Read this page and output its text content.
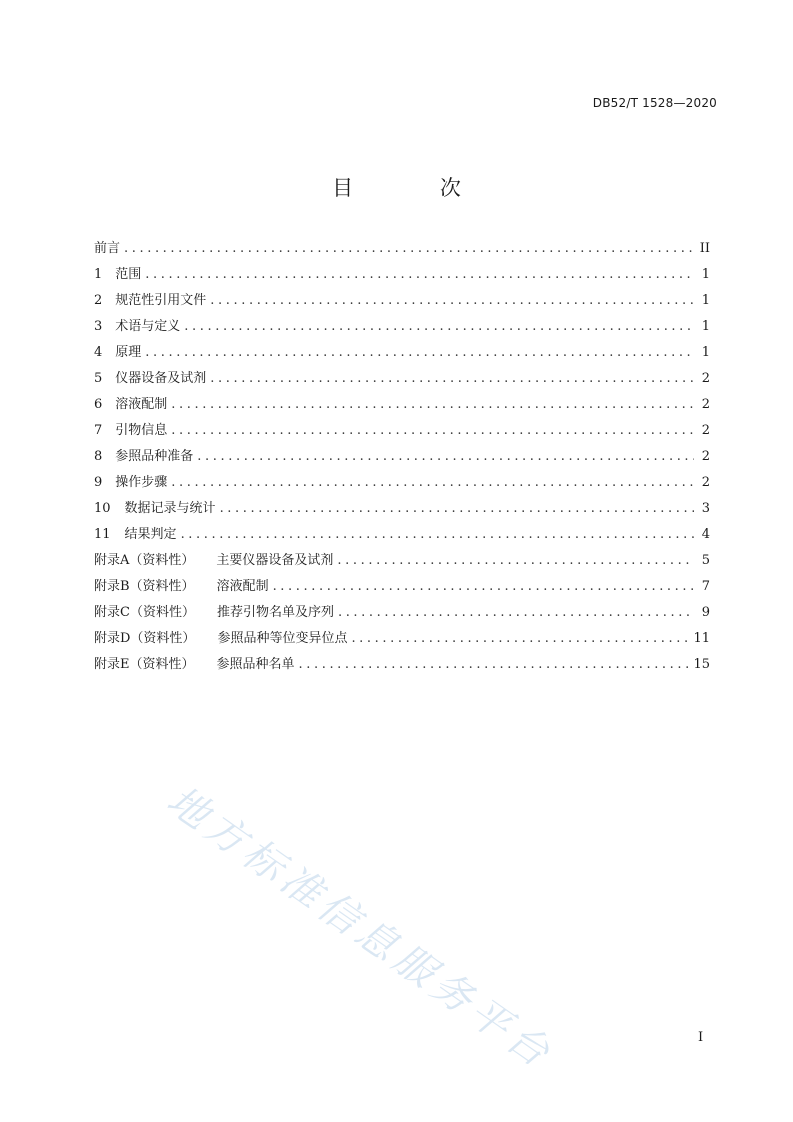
DB52/T 1528—2020
目 次
前言 .....	II
1 范围 .....	1
2 规范性引用文件 .....	1
3 术语与定义 .....	1
4 原理 .....	1
5 仪器设备及试剂 .....	2
6 溶液配制 .....	2
7 引物信息 .....	2
8 参照品种准备 .....	2
9 操作步骤 .....	2
10 数据记录与统计 .....	3
11 结果判定 .....	4
附录A（资料性） 主要仪器设备及试剂 .....	5
附录B（资料性） 溶液配制 .....	7
附录C（资料性） 推荐引物名单及序列 .....	9
附录D（资料性） 参照品种等位变异位点 .....	11
附录E（资料性） 参照品种名单 .....	15
I
地方标准信息服务平台
